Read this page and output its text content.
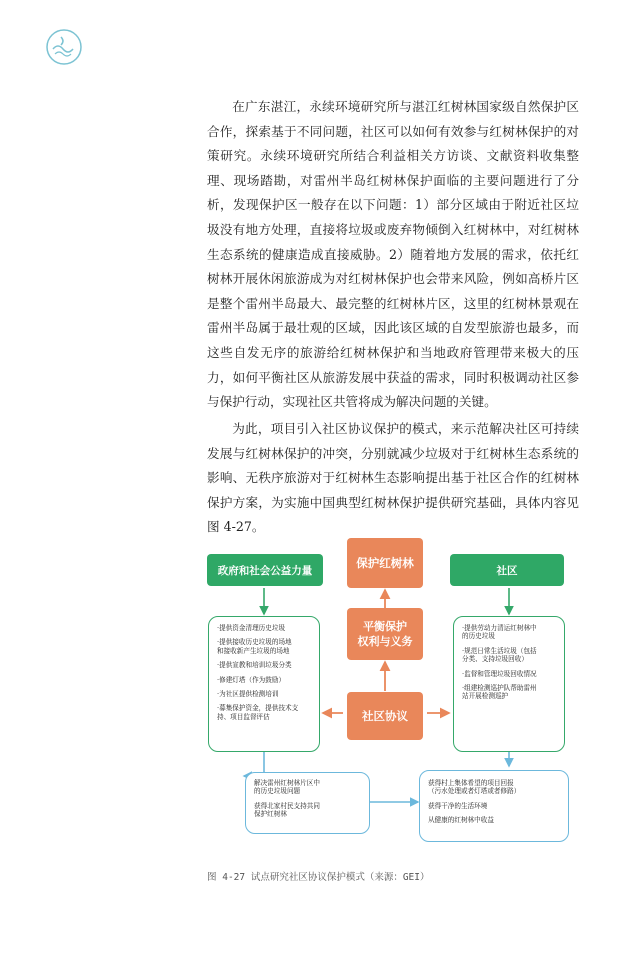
在广东湛江，永续环境研究所与湛江红树林国家级自然保护区合作，探索基于不同问题，社区可以如何有效参与红树林保护的对策研究。永续环境研究所结合利益相关方访谈、文献资料收集整理、现场踏勘，对雷州半岛红树林保护面临的主要问题进行了分析，发现保护区一般存在以下问题：1）部分区域由于附近社区垃圾没有地方处理，直接将垃圾或废弃物倾倒入红树林中，对红树林生态系统的健康造成直接威胁。2）随着地方发展的需求，依托红树林开展休闲旅游成为对红树林保护也会带来风险，例如高桥片区是整个雷州半岛最大、最完整的红树林片区，这里的红树林景观在雷州半岛属于最壮观的区域，因此该区域的自发型旅游也最多，而这些自发无序的旅游给红树林保护和当地政府管理带来极大的压力，如何平衡社区从旅游发展中获益的需求，同时积极调动社区参与保护行动，实现社区共管将成为解决问题的关键。

为此，项目引入社区协议保护的模式，来示范解决社区可持续发展与红树林保护的冲突，分别就减少垃圾对于红树林生态系统的影响、无秩序旅游对于红树林生态影响提出基于社区合作的红树林保护方案，为实施中国典型红树林保护提供研究基础，具体内容见图 4-27。

政府和社会公益力量	社区
保护红树林
平衡保护
权利与义务
社区协议
·提供资金清理历史垃圾
·提供接收历史垃圾的场地
和接收新产生垃圾的场地
·提供宣教和培训垃圾分类
·修建灯塔（作为鼓励）
·为社区提供检测培训
·募集保护资金，提供技术支
持、项目监督评估
·提供劳动力清运红树林中
的历史垃圾
·规范日常生活垃圾（包括
分类、支持垃圾回收）
·监督和管理垃圾回收情况
·组建检测巡护队帮助雷州
站开展检测巡护
解决雷州红树林片区中
的历史垃圾问题
获得北家村民支持共同
保护红树林
获得村上集体希望的项目回报
（污水处理或者灯塔或者修路）
获得干净的生活环境
从健康的红树林中收益
图 4-27 试点研究社区协议保护模式（来源：GEI）
